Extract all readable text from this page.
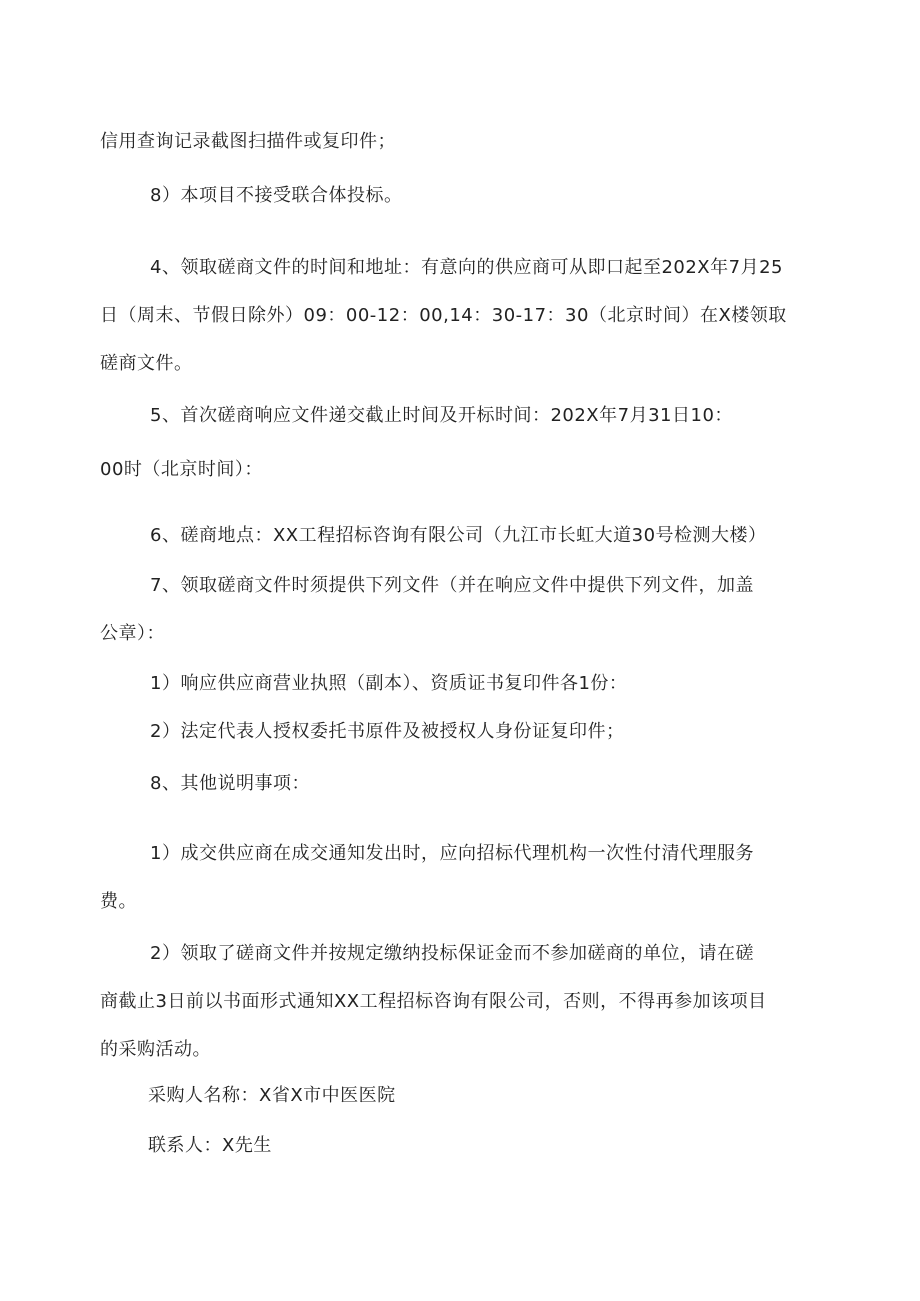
信用查询记录截图扫描件或复印件；
8）本项目不接受联合体投标。
4、领取磋商文件的时间和地址：有意向的供应商可从即口起至202X年7月25
日（周末、节假日除外）09：00-12：00,14：30-17：30（北京时间）在X楼领取
磋商文件。
5、首次磋商响应文件递交截止时间及开标时间：202X年7月31日10：
00时（北京时间）：
6、磋商地点：XX工程招标咨询有限公司（九江市长虹大道30号检测大楼）
7、领取磋商文件时须提供下列文件（并在响应文件中提供下列文件，加盖
公章）：
1）响应供应商营业执照（副本）、资质证书复印件各1份：
2）法定代表人授权委托书原件及被授权人身份证复印件；
8、其他说明事项：
1）成交供应商在成交通知发出时，应向招标代理机构一次性付清代理服务
费。
2）领取了磋商文件并按规定缴纳投标保证金而不参加磋商的单位，请在磋
商截止3日前以书面形式通知XX工程招标咨询有限公司，否则，不得再参加该项目
的采购活动。
采购人名称：X省X市中医医院
联系人：X先生
